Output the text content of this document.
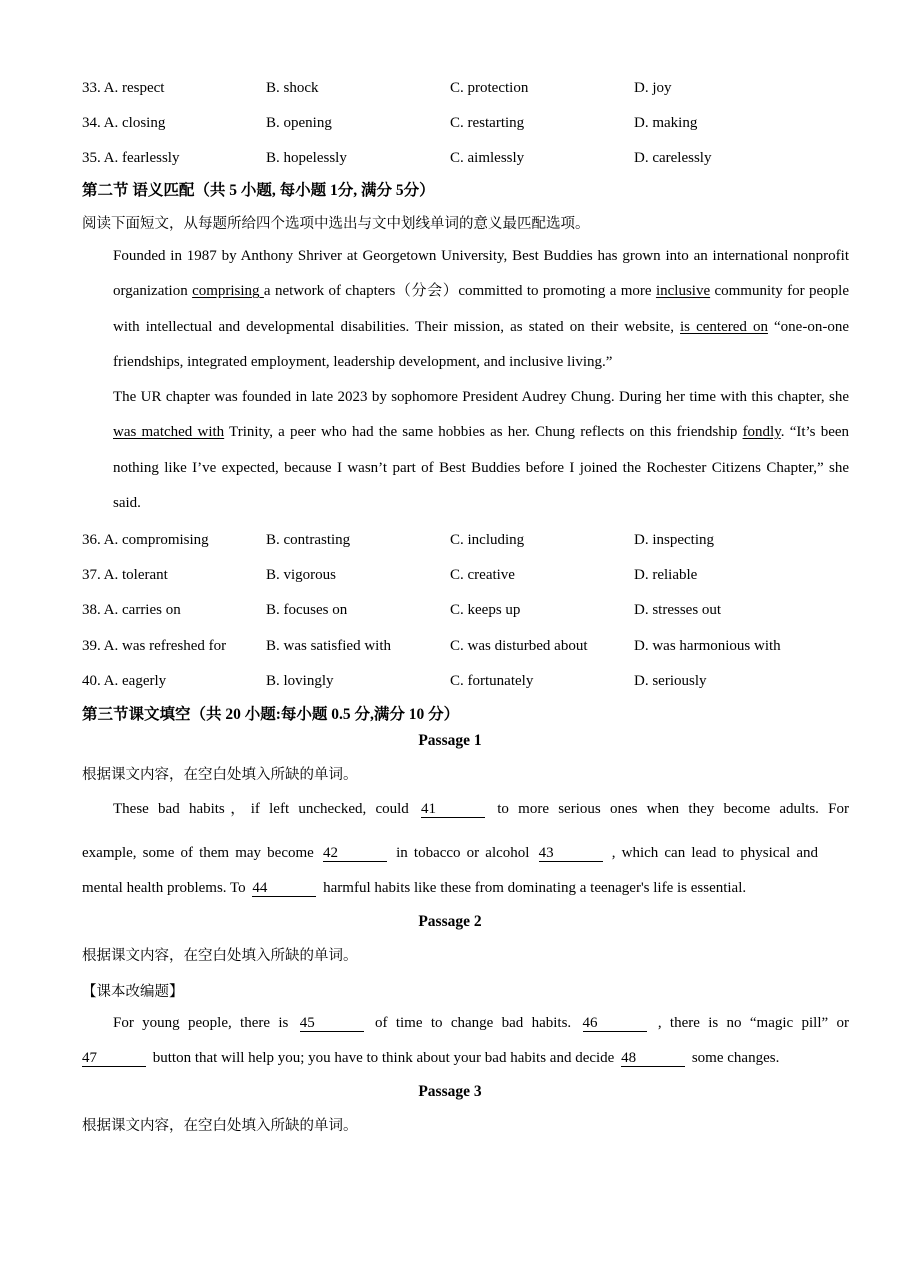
33. A. respect	B. shock	C. protection	D. joy
34. A. closing	B. opening	C. restarting	D. making
35. A. fearlessly	B. hopelessly	C. aimlessly	D. carelessly
第二节 语义匹配（共 5 小题, 每小题 1分, 满分 5分）
阅读下面短文，从每题所给四个选项中选出与文中划线单词的意义最匹配选项。
Founded in 1987 by Anthony Shriver at Georgetown University, Best Buddies has grown into an international nonprofit organization comprising a network of chapters（分会）committed to promoting a more inclusive community for people with intellectual and developmental disabilities. Their mission, as stated on their website, is centered on “one-on-one friendships, integrated employment, leadership development, and inclusive living.”
The UR chapter was founded in late 2023 by sophomore President Audrey Chung. During her time with this chapter, she was matched with Trinity, a peer who had the same hobbies as her. Chung reflects on this friendship fondly. “It’s been nothing like I’ve expected, because I wasn’t part of Best Buddies before I joined the Rochester Citizens Chapter,” she said.
36. A. compromising	B. contrasting	C. including	D. inspecting
37. A. tolerant	B. vigorous	C. creative	D. reliable
38. A. carries on	B. focuses on	C. keeps up	D. stresses out
39. A. was refreshed for	B. was satisfied with	C. was disturbed about	D. was harmonious with
40. A. eagerly	B. lovingly	C. fortunately	D. seriously
第三节课文填空（共 20 小题:每小题 0.5 分,满分 10 分）
Passage 1
根据课文内容，在空白处填入所缺的单词。
These bad habits，if left unchecked, could 41	to more serious ones when they become adults. For
example, some of them may become 42	in tobacco or alcohol 43	, which can lead to physical and
mental health problems. To 44	harmful habits like these from dominating a teenager's life is essential.
Passage 2
根据课文内容，在空白处填入所缺的单词。
【课本改编题】
For young people, there is 45	of time to change bad habits. 46	, there is no “magic pill” or
47	button that will help you; you have to think about your bad habits and decide 48	some changes.
Passage 3
根据课文内容，在空白处填入所缺的单词。
